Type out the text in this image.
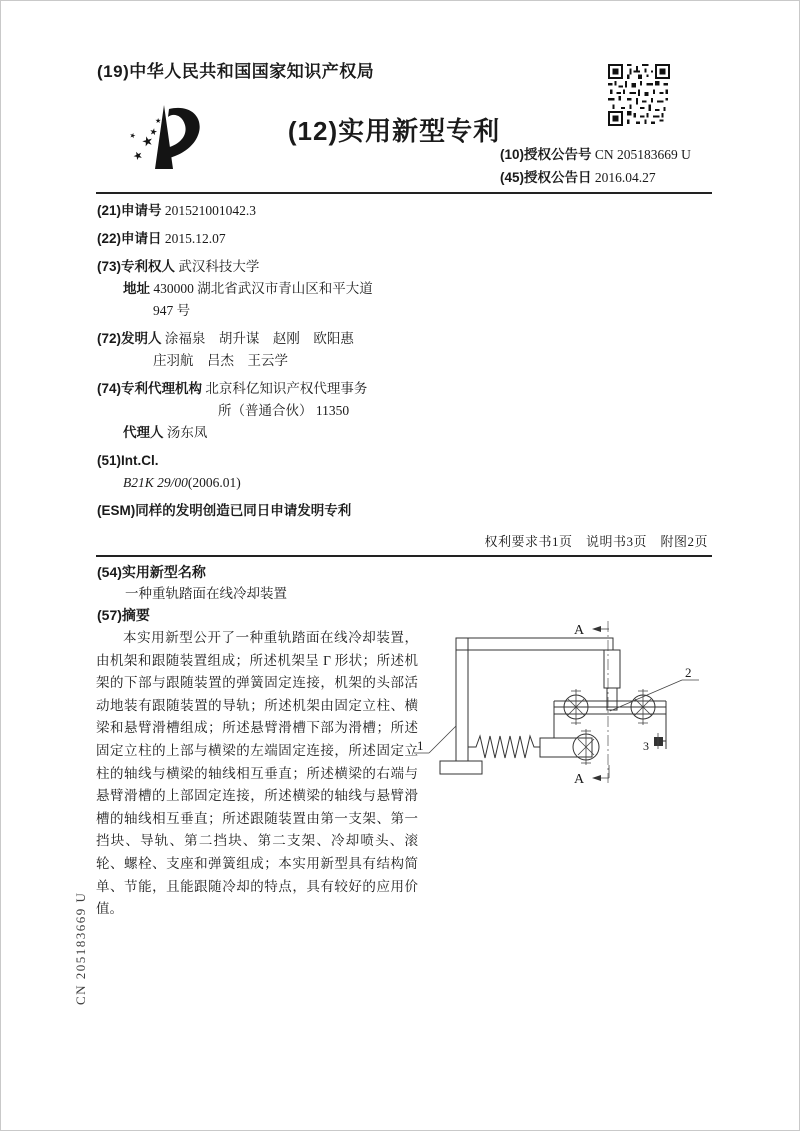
(19)中华人民共和国国家知识产权局
★
★
★
★
★	(12)实用新型专利
(10)授权公告号 CN 205183669 U
(45)授权公告日 2016.04.27
(21)申请号 201521001042.3
(22)申请日 2015.12.07
(73)专利权人 武汉科技大学
地址 430000 湖北省武汉市青山区和平大道
947 号
(72)发明人 涂福泉　胡升谋　赵刚　欧阳惠
庄羽航　吕杰　王云学
(74)专利代理机构 北京科亿知识产权代理事务
所（普通合伙） 11350
代理人 汤东凤
(51)Int.Cl.
B21K 29/00(2006.01)
(ESM)同样的发明创造已同日申请发明专利
权利要求书1页　说明书3页　附图2页
(54)实用新型名称
一种重轨踏面在线冷却装置
(57)摘要
本实用新型公开了一种重轨踏面在线冷却装置，由机架和跟随装置组成；所述机架呈 Γ 形状；所述机架的下部与跟随装置的弹簧固定连接，机架的头部活动地装有跟随装置的导轨；所述机架由固定立柱、横梁和悬臂滑槽组成；所述悬臂滑槽下部为滑槽；所述固定立柱的上部与横梁的左端固定连接，所述固定立柱的轴线与横梁的轴线相互垂直；所述横梁的右端与悬臂滑槽的上部固定连接，所述横梁的轴线与悬臂滑槽的轴线相互垂直；所述跟随装置由第一支架、第一挡块、导轨、第二挡块、第二支架、冷却喷头、滚轮、螺栓、支座和弹簧组成；本实用新型具有结构简单、节能，且能跟随冷却的特点，具有较好的应用价值。
A
A
1
2
3
CN 205183669 U
